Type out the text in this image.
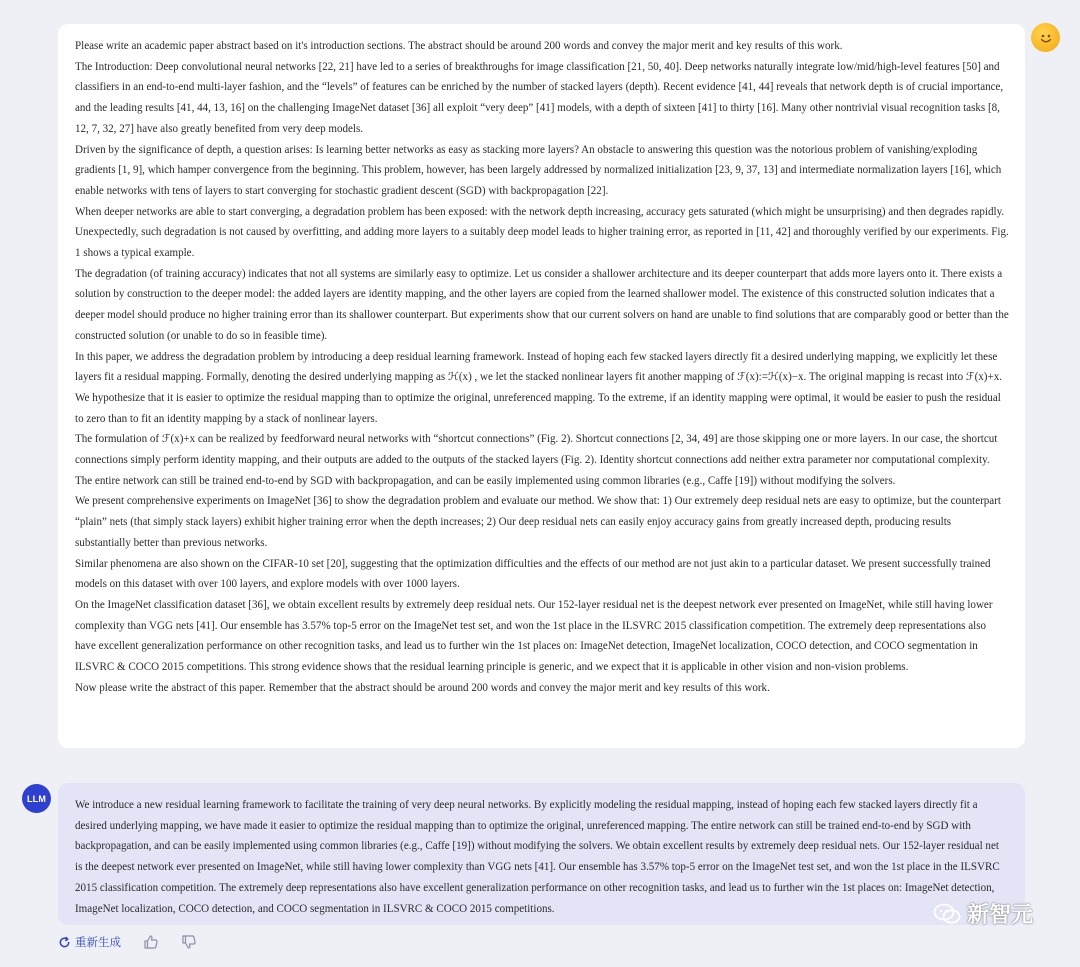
Please write an academic paper abstract based on it's introduction sections. The abstract should be around 200 words and convey the major merit and key results of this work.

The Introduction: Deep convolutional neural networks [22, 21] have led to a series of breakthroughs for image classification [21, 50, 40]. Deep networks naturally integrate low/mid/high-level features [50] and classifiers in an end-to-end multi-layer fashion, and the “levels” of features can be enriched by the number of stacked layers (depth). Recent evidence [41, 44] reveals that network depth is of crucial importance, and the leading results [41, 44, 13, 16] on the challenging ImageNet dataset [36] all exploit “very deep” [41] models, with a depth of sixteen [41] to thirty [16]. Many other nontrivial visual recognition tasks [8, 12, 7, 32, 27] have also greatly benefited from very deep models.

Driven by the significance of depth, a question arises: Is learning better networks as easy as stacking more layers? An obstacle to answering this question was the notorious problem of vanishing/exploding gradients [1, 9], which hamper convergence from the beginning. This problem, however, has been largely addressed by normalized initialization [23, 9, 37, 13] and intermediate normalization layers [16], which enable networks with tens of layers to start converging for stochastic gradient descent (SGD) with backpropagation [22].

When deeper networks are able to start converging, a degradation problem has been exposed: with the network depth increasing, accuracy gets saturated (which might be unsurprising) and then degrades rapidly. Unexpectedly, such degradation is not caused by overfitting, and adding more layers to a suitably deep model leads to higher training error, as reported in [11, 42] and thoroughly verified by our experiments. Fig. 1 shows a typical example.

The degradation (of training accuracy) indicates that not all systems are similarly easy to optimize. Let us consider a shallower architecture and its deeper counterpart that adds more layers onto it. There exists a solution by construction to the deeper model: the added layers are identity mapping, and the other layers are copied from the learned shallower model. The existence of this constructed solution indicates that a deeper model should produce no higher training error than its shallower counterpart. But experiments show that our current solvers on hand are unable to find solutions that are comparably good or better than the constructed solution (or unable to do so in feasible time).

In this paper, we address the degradation problem by introducing a deep residual learning framework. Instead of hoping each few stacked layers directly fit a desired underlying mapping, we explicitly let these layers fit a residual mapping. Formally, denoting the desired underlying mapping as ℋ(x) , we let the stacked nonlinear layers fit another mapping of ℱ(x):=ℋ(x)−x. The original mapping is recast into ℱ(x)+x. We hypothesize that it is easier to optimize the residual mapping than to optimize the original, unreferenced mapping. To the extreme, if an identity mapping were optimal, it would be easier to push the residual to zero than to fit an identity mapping by a stack of nonlinear layers.

The formulation of ℱ(x)+x can be realized by feedforward neural networks with “shortcut connections” (Fig. 2). Shortcut connections [2, 34, 49] are those skipping one or more layers. In our case, the shortcut connections simply perform identity mapping, and their outputs are added to the outputs of the stacked layers (Fig. 2). Identity shortcut connections add neither extra parameter nor computational complexity. The entire network can still be trained end-to-end by SGD with backpropagation, and can be easily implemented using common libraries (e.g., Caffe [19]) without modifying the solvers.

We present comprehensive experiments on ImageNet [36] to show the degradation problem and evaluate our method. We show that: 1) Our extremely deep residual nets are easy to optimize, but the counterpart “plain” nets (that simply stack layers) exhibit higher training error when the depth increases; 2) Our deep residual nets can easily enjoy accuracy gains from greatly increased depth, producing results substantially better than previous networks.

Similar phenomena are also shown on the CIFAR-10 set [20], suggesting that the optimization difficulties and the effects of our method are not just akin to a particular dataset. We present successfully trained models on this dataset with over 100 layers, and explore models with over 1000 layers.

On the ImageNet classification dataset [36], we obtain excellent results by extremely deep residual nets. Our 152-layer residual net is the deepest network ever presented on ImageNet, while still having lower complexity than VGG nets [41]. Our ensemble has 3.57% top-5 error on the ImageNet test set, and won the 1st place in the ILSVRC 2015 classification competition. The extremely deep representations also have excellent generalization performance on other recognition tasks, and lead us to further win the 1st places on: ImageNet detection, ImageNet localization, COCO detection, and COCO segmentation in ILSVRC & COCO 2015 competitions. This strong evidence shows that the residual learning principle is generic, and we expect that it is applicable in other vision and non-vision problems.

Now please write the abstract of this paper. Remember that the abstract should be around 200 words and convey the major merit and key results of this work.

LLM

We introduce a new residual learning framework to facilitate the training of very deep neural networks. By explicitly modeling the residual mapping, instead of hoping each few stacked layers directly fit a desired underlying mapping, we have made it easier to optimize the residual mapping than to optimize the original, unreferenced mapping. The entire network can still be trained end-to-end by SGD with backpropagation, and can be easily implemented using common libraries (e.g., Caffe [19]) without modifying the solvers. We obtain excellent results by extremely deep residual nets. Our 152-layer residual net is the deepest network ever presented on ImageNet, while still having lower complexity than VGG nets [41]. Our ensemble has 3.57% top-5 error on the ImageNet test set, and won the 1st place in the ILSVRC 2015 classification competition. The extremely deep representations also have excellent generalization performance on other recognition tasks, and lead us to further win the 1st places on: ImageNet detection, ImageNet localization, COCO detection, and COCO segmentation in ILSVRC & COCO 2015 competitions.

重新生成
新智元
